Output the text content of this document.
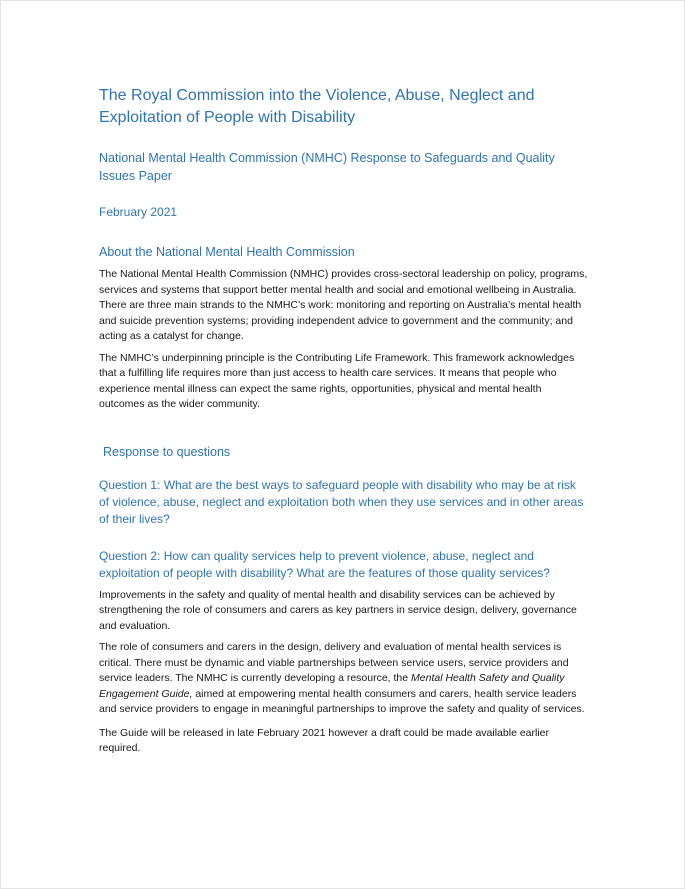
The Royal Commission into the Violence, Abuse, Neglect and Exploitation of People with Disability
National Mental Health Commission (NMHC) Response to Safeguards and Quality Issues Paper
February 2021
About the National Mental Health Commission

The National Mental Health Commission (NMHC) provides cross-sectoral leadership on policy, programs, services and systems that support better mental health and social and emotional wellbeing in Australia. There are three main strands to the NMHC’s work: monitoring and reporting on Australia’s mental health and suicide prevention systems; providing independent advice to government and the community; and acting as a catalyst for change.

The NMHC’s underpinning principle is the Contributing Life Framework. This framework acknowledges that a fulfilling life requires more than just access to health care services. It means that people who experience mental illness can expect the same rights, opportunities, physical and mental health outcomes as the wider community.

Response to questions
Question 1: What are the best ways to safeguard people with disability who may be at risk of violence, abuse, neglect and exploitation both when they use services and in other areas of their lives?
Question 2: How can quality services help to prevent violence, abuse, neglect and exploitation of people with disability? What are the features of those quality services?

Improvements in the safety and quality of mental health and disability services can be achieved by strengthening the role of consumers and carers as key partners in service design, delivery, governance and evaluation.

The role of consumers and carers in the design, delivery and evaluation of mental health services is critical. There must be dynamic and viable partnerships between service users, service providers and service leaders. The NMHC is currently developing a resource, the Mental Health Safety and Quality Engagement Guide, aimed at empowering mental health consumers and carers, health service leaders and service providers to engage in meaningful partnerships to improve the safety and quality of services.

The Guide will be released in late February 2021 however a draft could be made available earlier required.
